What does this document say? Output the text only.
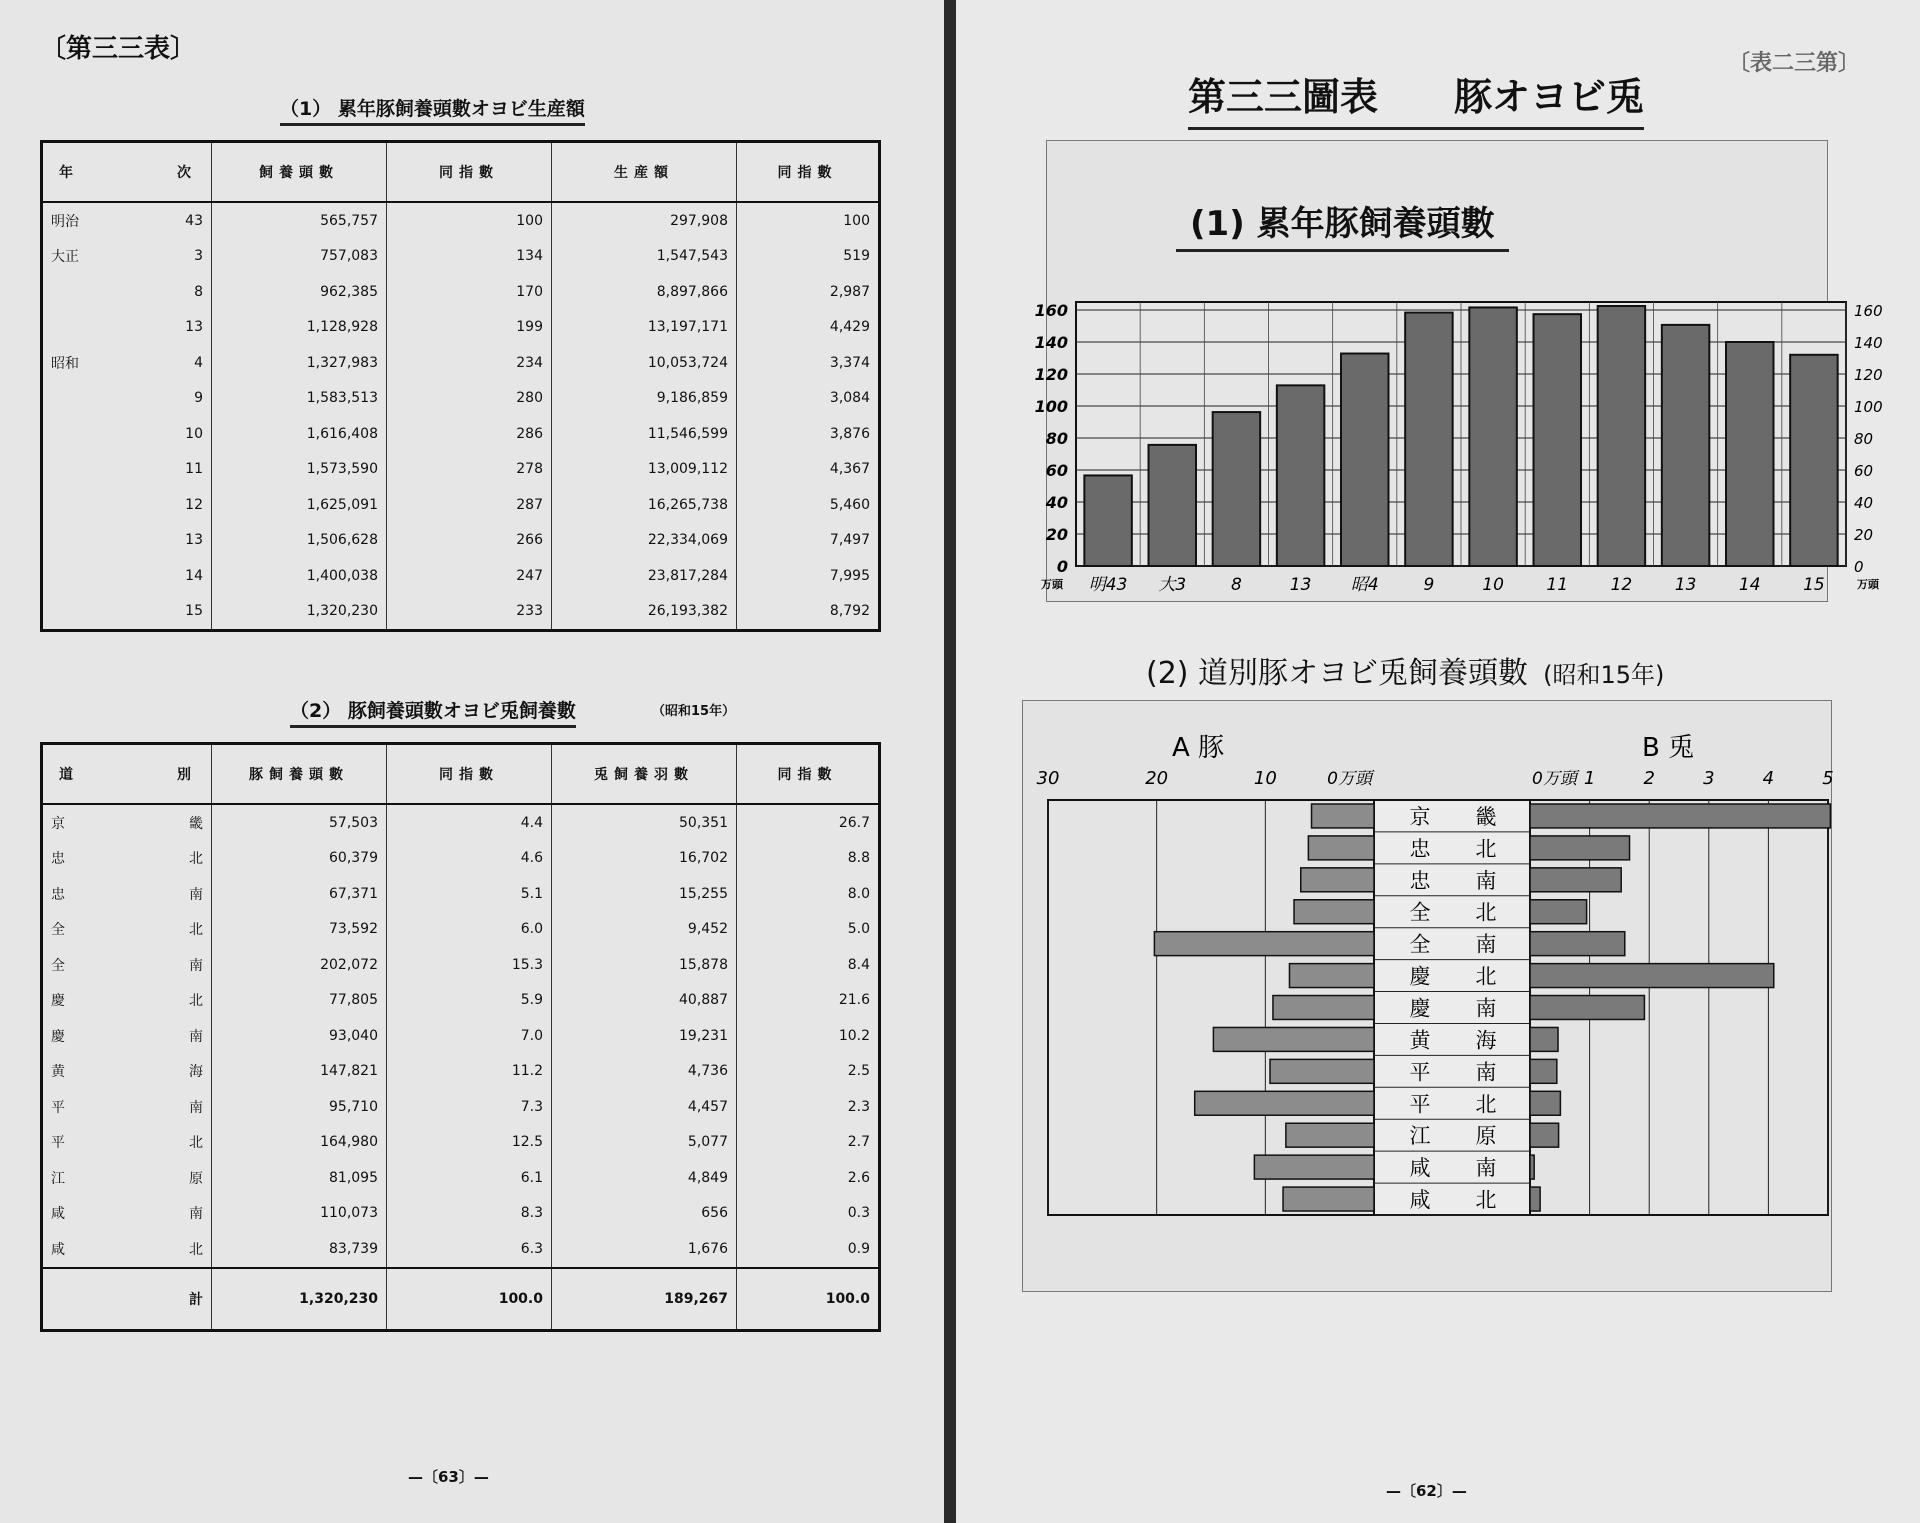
〔第三三表〕
（1） 累年豚飼養頭數オヨビ生産額
年	次	飼養頭數	同指數	生産額	同指數
明治	43	565,757	100	297,908	100
大正	3	757,083	134	1,547,543	519
	8	962,385	170	8,897,866	2,987
	13	1,128,928	199	13,197,171	4,429
昭和	4	1,327,983	234	10,053,724	3,374
	9	1,583,513	280	9,186,859	3,084
	10	1,616,408	286	11,546,599	3,876
	11	1,573,590	278	13,009,112	4,367
	12	1,625,091	287	16,265,738	5,460
	13	1,506,628	266	22,334,069	7,497
	14	1,400,038	247	23,817,284	7,995
	15	1,320,230	233	26,193,382	8,792
（2） 豚飼養頭數オヨビ兎飼養數	（昭和15年）
道	別	豚飼養頭數	同指數	兎飼養羽數	同指數
京	畿	57,503	4.4	50,351	26.7
忠	北	60,379	4.6	16,702	8.8
忠	南	67,371	5.1	15,255	8.0
全	北	73,592	6.0	9,452	5.0
全	南	202,072	15.3	15,878	8.4
慶	北	77,805	5.9	40,887	21.6
慶	南	93,040	7.0	19,231	10.2
黄	海	147,821	11.2	4,736	2.5
平	南	95,710	7.3	4,457	2.3
平	北	164,980	12.5	5,077	2.7
江	原	81,095	6.1	4,849	2.6
咸	南	110,073	8.3	656	0.3
咸	北	83,739	6.3	1,676	0.9
	計	1,320,230	100.0	189,267	100.0
—〔63〕—
〔表二三第〕
第三三圖表　　豚オヨビ兎
(1) 累年豚飼養頭數
0	0
20	20
40	40
60	60
80	80
100	100
120	120
140	140
160	160
明43 大3	8	13 昭4	9	10	11	12	13	14	15
万頭	万頭
(2) 道別豚オヨビ兎飼養頭數 (昭和15年)
A 豚	B 兎
30	20	10	1	2	3	4	5
0万頭	0万頭
京 畿
忠 北
忠 南
全 北
全 南
慶 北
慶 南
黄 海
平 南
平 北
江 原
咸 南
咸 北
—〔62〕—
